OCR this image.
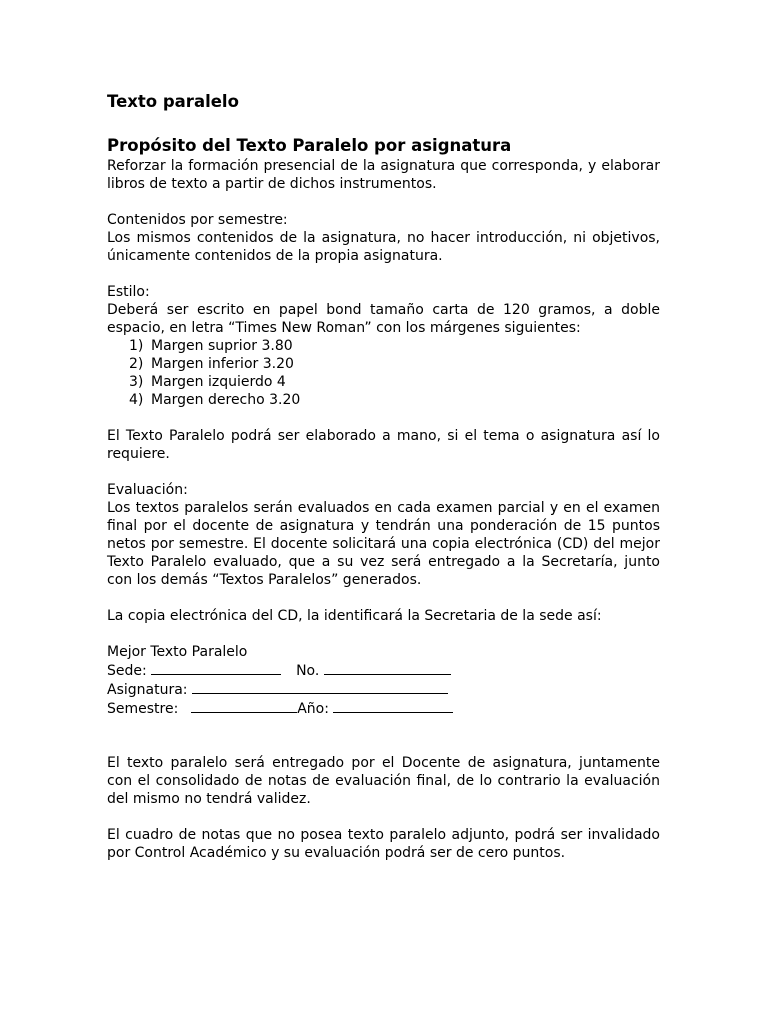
Texto paralelo
Propósito del Texto Paralelo por asignatura

Reforzar la formación presencial de la asignatura que corresponda, y elaborar libros de texto a partir de dichos instrumentos.

Contenidos por semestre:

Los mismos contenidos de la asignatura, no hacer introducción, ni objetivos, únicamente contenidos de la propia asignatura.

Estilo:

Deberá ser escrito en papel bond tamaño carta de 120 gramos, a doble espacio, en letra “Times New Roman” con los márgenes siguientes:

1) Margen suprior 3.80
2) Margen inferior 3.20
3) Margen izquierdo 4
4) Margen derecho 3.20

El Texto Paralelo podrá ser elaborado a mano, si el tema o asignatura así lo requiere.

Evaluación:

Los textos paralelos serán evaluados en cada examen parcial y en el examen final por el docente de asignatura y tendrán una ponderación de 15 puntos netos por semestre. El docente solicitará una copia electrónica (CD) del mejor Texto Paralelo evaluado, que a su vez será entregado a la Secretaría, junto con los demás “Textos Paralelos” generados.

La copia electrónica del CD, la identificará la Secretaria de la sede así:

Mejor Texto Paralelo
Sede:	No.
Asignatura:
Semestre:	Año:

El texto paralelo será entregado por el Docente de asignatura, juntamente con el consolidado de notas de evaluación final, de lo contrario la evaluación del mismo no tendrá validez.

El cuadro de notas que no posea texto paralelo adjunto, podrá ser invalidado por Control Académico y su evaluación podrá ser de cero puntos.
